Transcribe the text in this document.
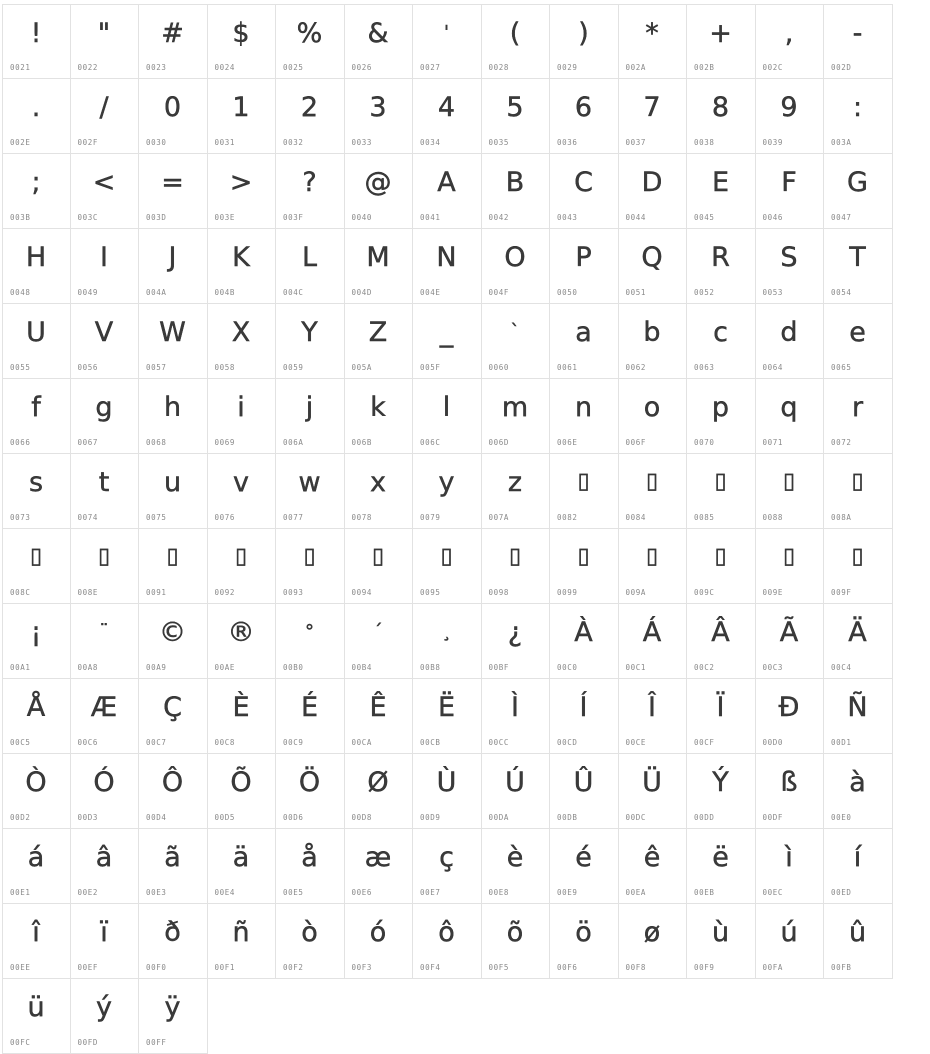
!
0021
"
0022
#
0023
$
0024
%
0025
&
0026
'
0027
(
0028
)
0029
*
002A
+
002B
,
002C
-
002D
.
002E
/
002F
0
0030
1
0031
2
0032
3
0033
4
0034
5
0035
6
0036
7
0037
8
0038
9
0039
:
003A
;
003B
<
003C
=
003D
>
003E
?
003F
@
0040
A
0041
B
0042
C
0043
D
0044
E
0045
F
0046
G
0047
H
0048
I
0049
J
004A
K
004B
L
004C
M
004D
N
004E
O
004F
P
0050
Q
0051
R
0052
S
0053
T
0054
U
0055
V
0056
W
0057
X
0058
Y
0059
Z
005A
_
005F
`
0060
a
0061
b
0062
c
0063
d
0064
e
0065
f
0066
g
0067
h
0068
i
0069
j
006A
k
006B
l
006C
m
006D
n
006E
o
006F
p
0070
q
0071
r
0072
s
0073
t
0074
u
0075
v
0076
w
0077
x
0078
y
0079
z
007A
▯
0082
▯
0084
▯
0085
▯
0088
▯
008A
▯
008C
▯
008E
▯
0091
▯
0092
▯
0093
▯
0094
▯
0095
▯
0098
▯
0099
▯
009A
▯
009C
▯
009E
▯
009F
¡
00A1
¨
00A8
©
00A9
®
00AE
°
00B0
´
00B4
¸
00B8
¿
00BF
À
00C0
Á
00C1
Â
00C2
Ã
00C3
Ä
00C4
Å
00C5
Æ
00C6
Ç
00C7
È
00C8
É
00C9
Ê
00CA
Ë
00CB
Ì
00CC
Í
00CD
Î
00CE
Ï
00CF
Ð
00D0
Ñ
00D1
Ò
00D2
Ó
00D3
Ô
00D4
Õ
00D5
Ö
00D6
Ø
00D8
Ù
00D9
Ú
00DA
Û
00DB
Ü
00DC
Ý
00DD
ß
00DF
à
00E0
á
00E1
â
00E2
ã
00E3
ä
00E4
å
00E5
æ
00E6
ç
00E7
è
00E8
é
00E9
ê
00EA
ë
00EB
ì
00EC
í
00ED
î
00EE
ï
00EF
ð
00F0
ñ
00F1
ò
00F2
ó
00F3
ô
00F4
õ
00F5
ö
00F6
ø
00F8
ù
00F9
ú
00FA
û
00FB
ü
00FC
ý
00FD
ÿ
00FF
